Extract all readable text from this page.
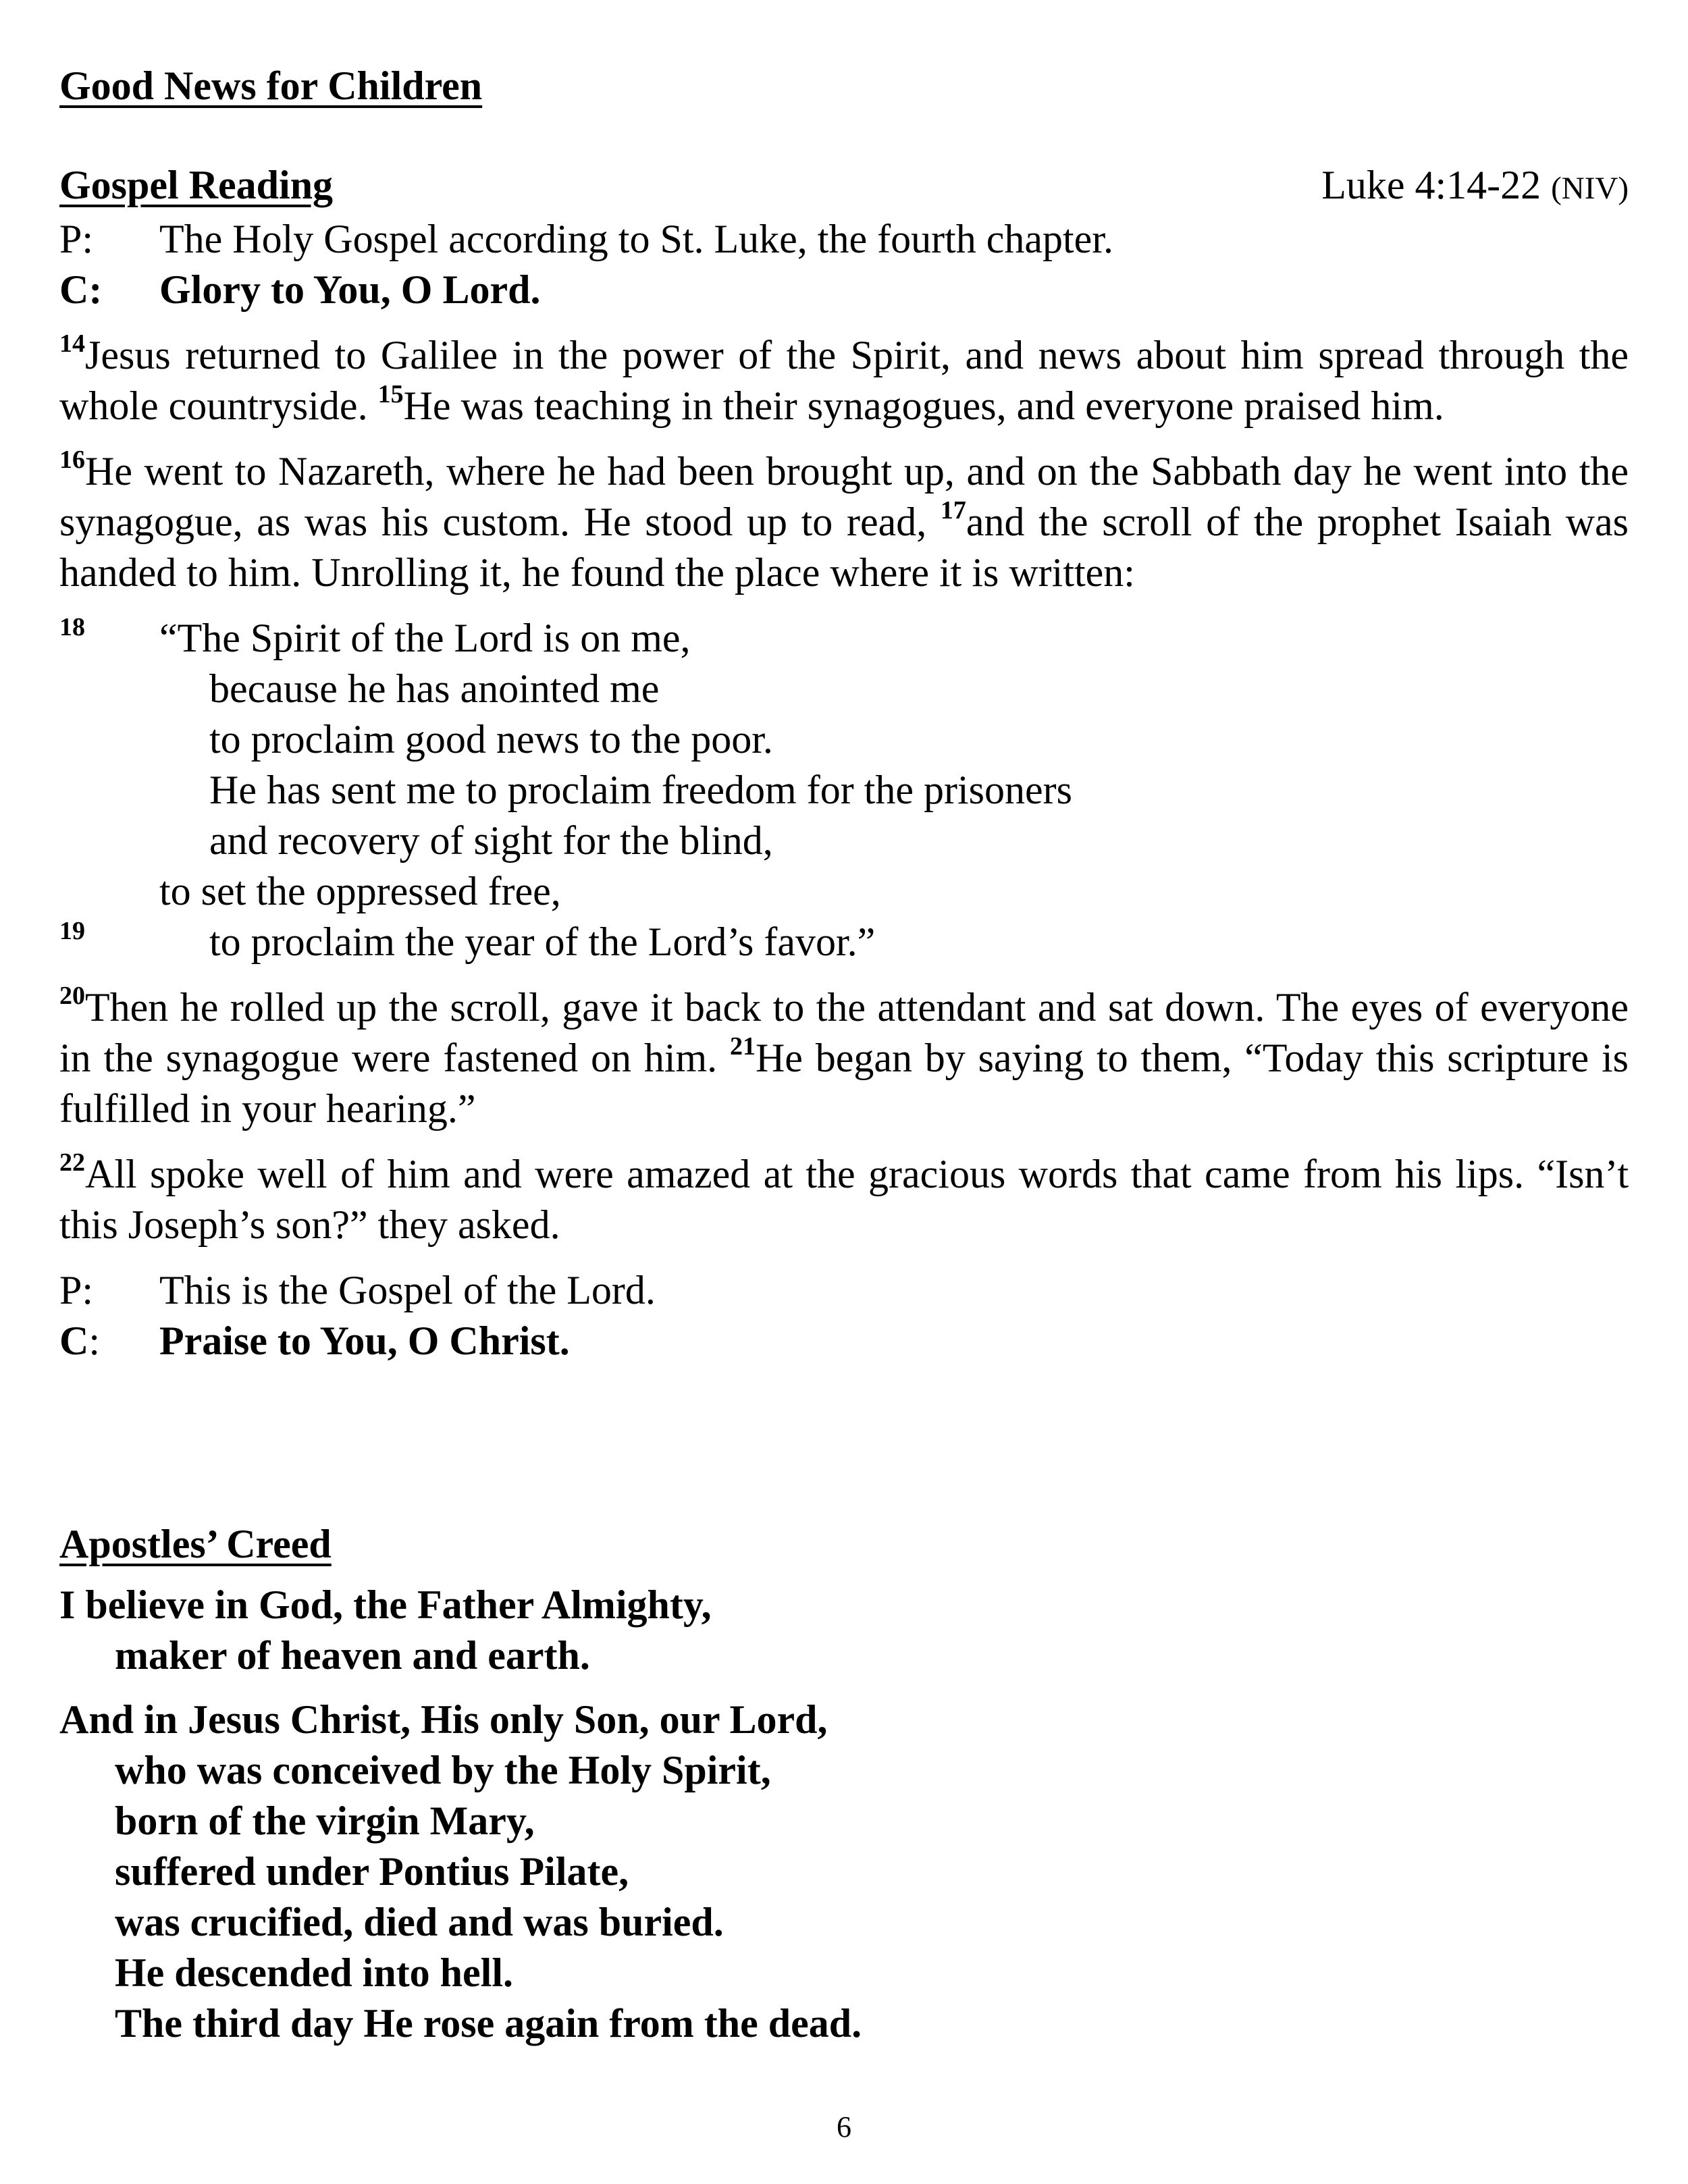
Good News for Children
Gospel Reading	Luke 4:14-22 (NIV)
P:	The Holy Gospel according to St. Luke, the fourth chapter.
C:	Glory to You, O Lord.

$^{14}$Jesus returned to Galilee in the power of the Spirit, and news about him spread through the whole countryside. $^{15}$He was teaching in their synagogues, and everyone praised him.

$^{16}$He went to Nazareth, where he had been brought up, and on the Sabbath day he went into the synagogue, as was his custom. He stood up to read, $^{17}$and the scroll of the prophet Isaiah was handed to him. Unrolling it, he found the place where it is written:

18 “The Spirit of the Lord is on me,
because he has anointed me
to proclaim good news to the poor.
He has sent me to proclaim freedom for the prisoners
and recovery of sight for the blind,
to set the oppressed free,
19	to proclaim the year of the Lord’s favor.”

$^{20}$Then he rolled up the scroll, gave it back to the attendant and sat down. The eyes of everyone in the synagogue were fastened on him. $^{21}$He began by saying to them, “Today this scripture is fulfilled in your hearing.”

$^{22}$All spoke well of him and were amazed at the gracious words that came from his lips. “Isn’t this Joseph’s son?” they asked.

P:	This is the Gospel of the Lord.
C:	Praise to You, O Christ.
Apostles’ Creed
I believe in God, the Father Almighty,
maker of heaven and earth.
And in Jesus Christ, His only Son, our Lord,
who was conceived by the Holy Spirit,
born of the virgin Mary,
suffered under Pontius Pilate,
was crucified, died and was buried.
He descended into hell.
The third day He rose again from the dead.
6
